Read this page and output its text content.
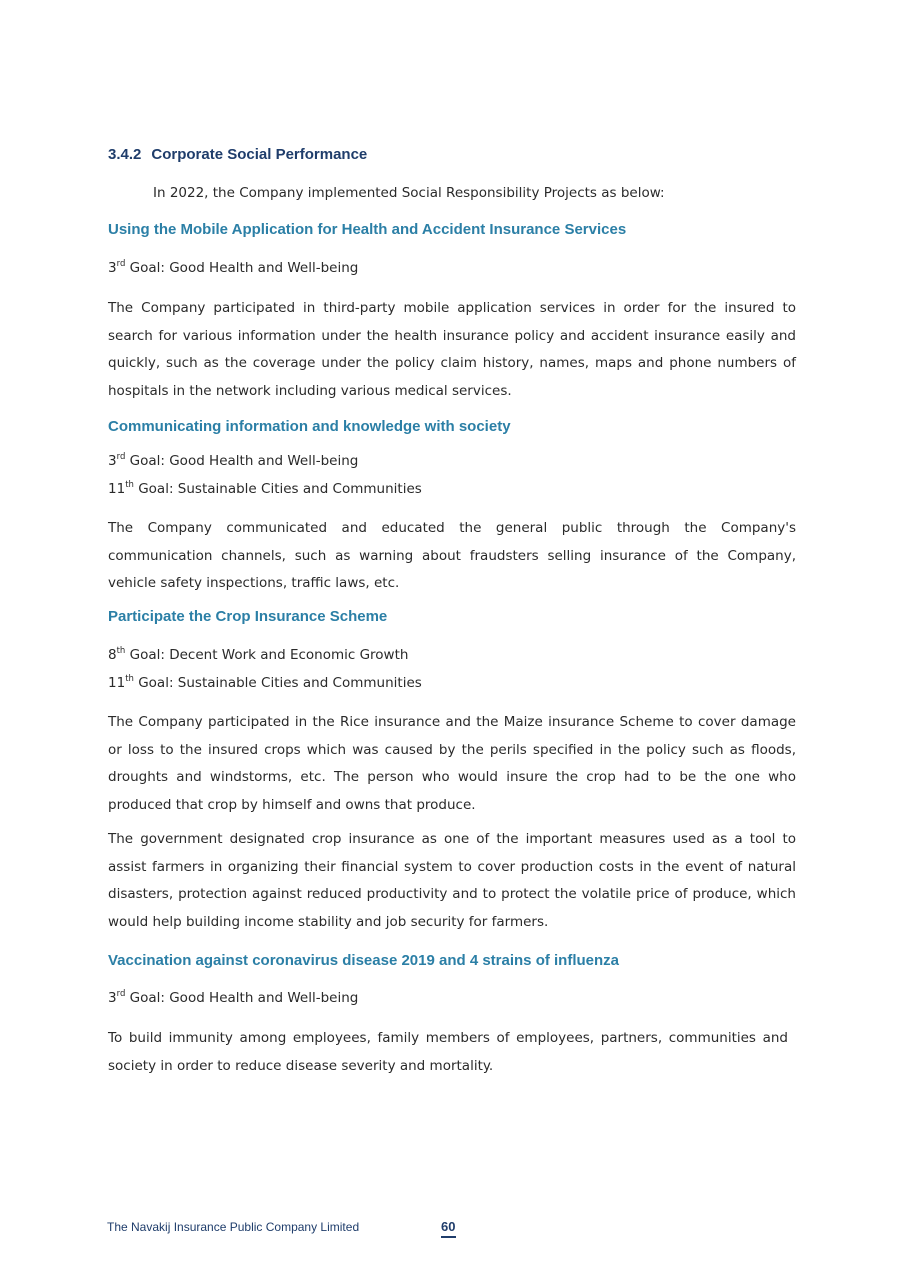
3.4.2 Corporate Social Performance

In 2022, the Company implemented Social Responsibility Projects as below:

Using the Mobile Application for Health and Accident Insurance Services

3rd Goal: Good Health and Well-being

The Company participated in third-party mobile application services in order for the insured to search for various information under the health insurance policy and accident insurance easily and quickly, such as the coverage under the policy claim history, names, maps and phone numbers of hospitals in the network including various medical services.

Communicating information and knowledge with society

3rd Goal: Good Health and Well-being

11th Goal: Sustainable Cities and Communities

The Company communicated and educated the general public through the Company's communication channels, such as warning about fraudsters selling insurance of the Company, vehicle safety inspections, traffic laws, etc.

Participate the Crop Insurance Scheme

8th Goal: Decent Work and Economic Growth

11th Goal: Sustainable Cities and Communities

The Company participated in the Rice insurance and the Maize insurance Scheme to cover damage or loss to the insured crops which was caused by the perils specified in the policy such as floods, droughts and windstorms, etc. The person who would insure the crop had to be the one who produced that crop by himself and owns that produce.

The government designated crop insurance as one of the important measures used as a tool to assist farmers in organizing their financial system to cover production costs in the event of natural disasters, protection against reduced productivity and to protect the volatile price of produce, which would help building income stability and job security for farmers.

Vaccination against coronavirus disease 2019 and 4 strains of influenza

3rd Goal: Good Health and Well-being

To build immunity among employees, family members of employees, partners, communities and society in order to reduce disease severity and mortality.

The Navakij Insurance Public Company Limited	60
